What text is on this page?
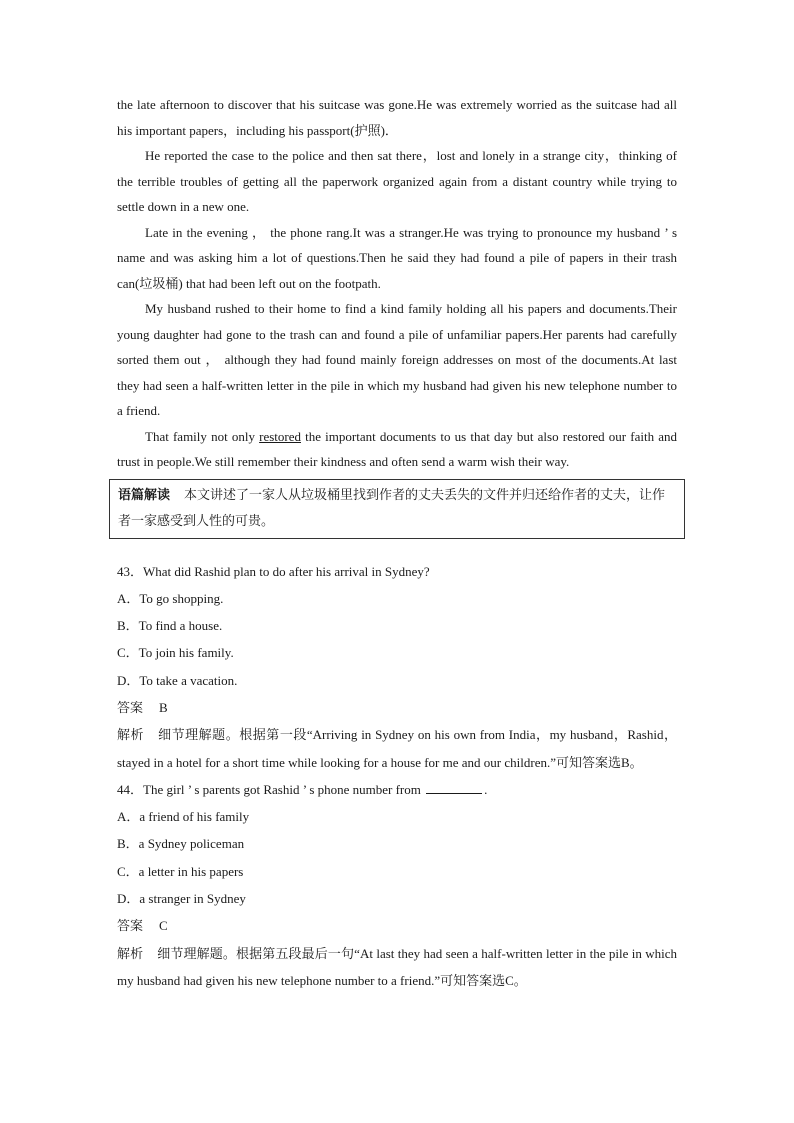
the late afternoon to discover that his suitcase was gone.He was extremely worried as the suitcase had all his important papers，including his passport(护照)．

He reported the case to the police and then sat there，lost and lonely in a strange city，thinking of the terrible troubles of getting all the paperwork organized again from a distant country while trying to settle down in a new one.

Late in the evening ， the phone rang.It was a stranger.He was trying to pronounce my husband ’ s name and was asking him a lot of questions.Then he said they had found a pile of papers in their trash can(垃圾桶) that had been left out on the footpath.

My husband rushed to their home to find a kind family holding all his papers and documents.Their young daughter had gone to the trash can and found a pile of unfamiliar papers.Her parents had carefully sorted them out ， although they had found mainly foreign addresses on most of the documents.At last they had seen a half-written letter in the pile in which my husband had given his new telephone number to a friend.

That family not only restored the important documents to us that day but also restored our faith and trust in people.We still remember their kindness and often send a warm wish their way.

语篇解读 本文讲述了一家人从垃圾桶里找到作者的丈夫丢失的文件并归还给作者的丈夫，让作者一家感受到人性的可贵。

43．What did Rashid plan to do after his arrival in Sydney?

A．To go shopping.

B．To find a house.

C．To join his family.

D．To take a vacation.

答案 B

解析 细节理解题。根据第一段“Arriving in Sydney on his own from India，my husband，Rashid，stayed in a hotel for a short time while looking for a house for me and our children.”可知答案选B。

44．The girl ’ s parents got Rashid ’ s phone number from	.

A．a friend of his family

B．a Sydney policeman

C．a letter in his papers

D．a stranger in Sydney

答案 C

解析 细节理解题。根据第五段最后一句“At last they had seen a half-written letter in the pile in which my husband had given his new telephone number to a friend.”可知答案选C。
